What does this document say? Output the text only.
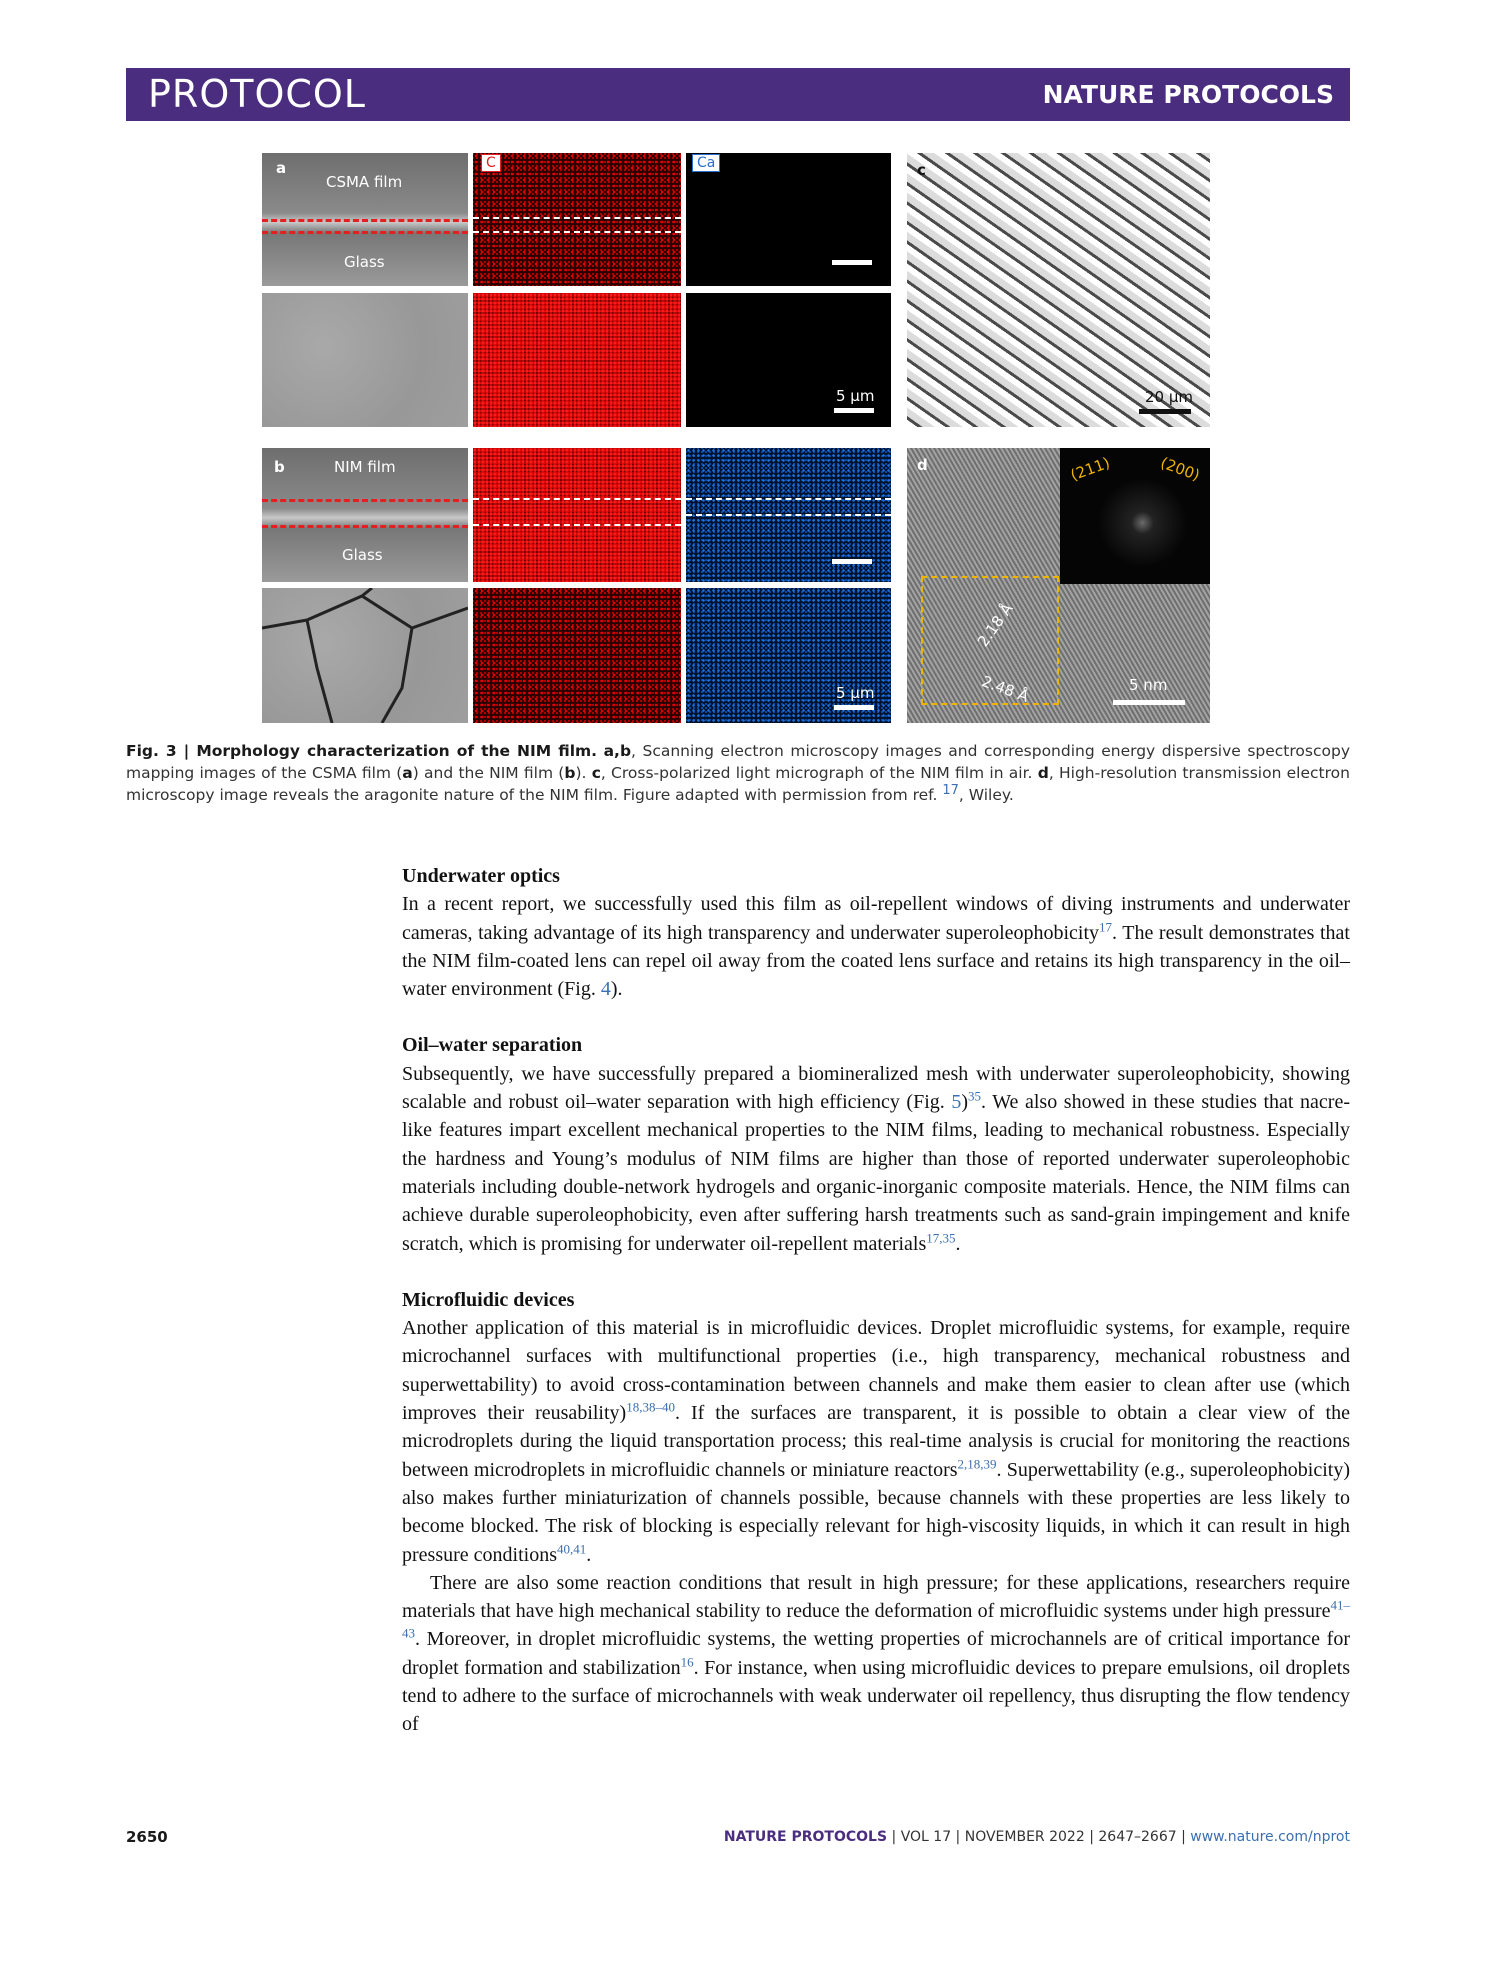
PROTOCOL	NATURE PROTOCOLS
a
CSMA film
Glass
C	Ca
5 μm
c
20 μm
b	NIM film
Glass
5 μm
d	(211)	(200)
2.18 Å
2.48 Å	5 nm
Fig. 3 | Morphology characterization of the NIM film. a,b, Scanning electron microscopy images and corresponding energy dispersive spectroscopy mapping images of the CSMA film (a) and the NIM film (b). c, Cross-polarized light micrograph of the NIM film in air. d, High-resolution transmission electron microscopy image reveals the aragonite nature of the NIM film. Figure adapted with permission from ref. $^{17}$, Wiley.
Underwater optics

In a recent report, we successfully used this film as oil-repellent windows of diving instruments and underwater cameras, taking advantage of its high transparency and underwater superoleophobicity$^{17}$. The result demonstrates that the NIM film-coated lens can repel oil away from the coated lens surface and retains its high transparency in the oil–water environment (Fig. 4).

Oil–water separation

Subsequently, we have successfully prepared a biomineralized mesh with underwater superoleophobicity, showing scalable and robust oil–water separation with high efficiency (Fig. 5)$^{35}$. We also showed in these studies that nacre-like features impart excellent mechanical properties to the NIM films, leading to mechanical robustness. Especially the hardness and Young’s modulus of NIM films are higher than those of reported underwater superoleophobic materials including double-network hydrogels and organic-inorganic composite materials. Hence, the NIM films can achieve durable superoleophobicity, even after suffering harsh treatments such as sand-grain impingement and knife scratch, which is promising for underwater oil-repellent materials$^{17,35}$.

Microfluidic devices

Another application of this material is in microfluidic devices. Droplet microfluidic systems, for example, require microchannel surfaces with multifunctional properties (i.e., high transparency, mechanical robustness and superwettability) to avoid cross-contamination between channels and make them easier to clean after use (which improves their reusability)$^{18,38-40}$. If the surfaces are transparent, it is possible to obtain a clear view of the microdroplets during the liquid transportation process; this real-time analysis is crucial for monitoring the reactions between microdroplets in microfluidic channels or miniature reactors$^{2,18,39}$. Superwettability (e.g., superoleophobicity) also makes further miniaturization of channels possible, because channels with these properties are less likely to become blocked. The risk of blocking is especially relevant for high-viscosity liquids, in which it can result in high pressure conditions$^{40,41}$.

There are also some reaction conditions that result in high pressure; for these applications, researchers require materials that have high mechanical stability to reduce the deformation of microfluidic systems under high pressure$^{41-43}$. Moreover, in droplet microfluidic systems, the wetting properties of microchannels are of critical importance for droplet formation and stabilization$^{16}$. For instance, when using microfluidic devices to prepare emulsions, oil droplets tend to adhere to the surface of microchannels with weak underwater oil repellency, thus disrupting the flow tendency of

2650	NATURE PROTOCOLS | VOL 17 | NOVEMBER 2022 | 2647–2667 | www.nature.com/nprot
